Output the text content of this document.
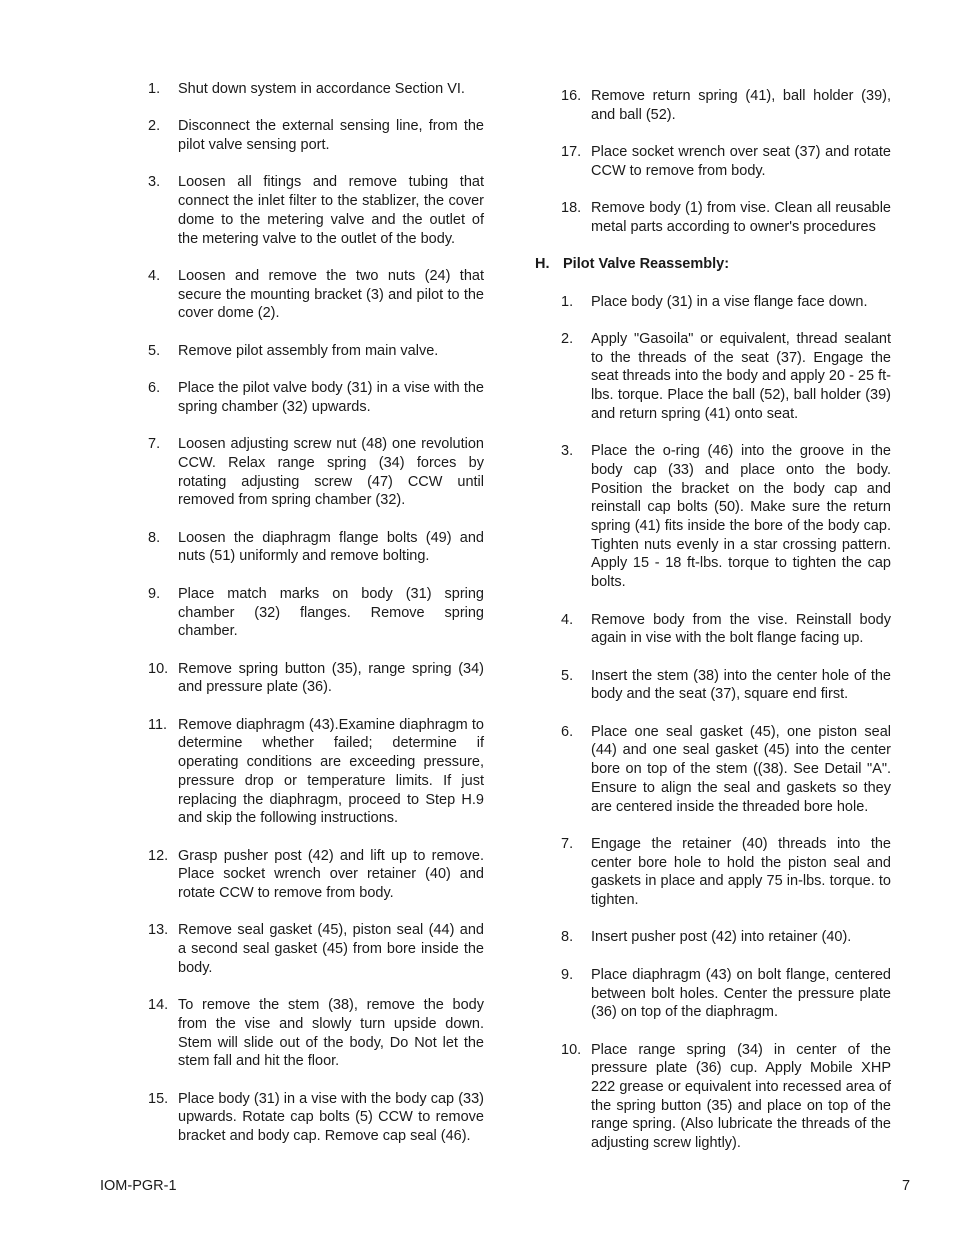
1.	Shut down system in accordance Section VI.
2.	Disconnect the external sensing line, from the pilot valve sensing port.
3.	Loosen all fitings and remove tubing that connect the inlet filter to the stablizer, the cover dome to the metering valve and the outlet of the metering valve to the outlet of the body.
4.	Loosen and remove the two nuts (24) that secure the mounting bracket (3) and pilot to the cover dome (2).
5.	Remove pilot assembly from main valve.
6.	Place the pilot valve body (31) in a vise with the spring chamber (32) upwards.
7.	Loosen adjusting screw nut (48) one revolution CCW. Relax range spring (34) forces by rotating adjusting screw (47) CCW until removed from spring chamber (32).
8.	Loosen the diaphragm flange bolts (49) and nuts (51) uniformly and remove bolting.
9.	Place match marks on body (31) spring chamber (32) flanges. Remove spring chamber.
10. Remove spring button (35), range spring (34) and pressure plate (36).
11. Remove diaphragm (43).Examine diaphragm to determine whether failed; determine if operating conditions are exceeding pressure, pressure drop or temperature limits. If just replacing the diaphragm, proceed to Step H.9 and skip the following instructions.
12. Grasp pusher post (42) and lift up to remove. Place socket wrench over retainer (40) and rotate CCW to remove from body.
13. Remove seal gasket (45), piston seal (44) and a second seal gasket (45) from bore inside the body.
14. To remove the stem (38), remove the body from the vise and slowly turn upside down. Stem will slide out of the body, Do Not let the stem fall and hit the floor.
15. Place body (31) in a vise with the body cap (33) upwards. Rotate cap bolts (5) CCW to remove bracket and body cap. Remove cap seal (46).
16. Remove return spring (41), ball holder (39), and ball (52).
17. Place socket wrench over seat (37) and rotate CCW to remove from body.
18. Remove body (1) from vise. Clean all reusable metal parts according to owner's procedures
H. Pilot Valve Reassembly:
1.	Place body (31) in a vise flange face down.
2.	Apply "Gasoila" or equivalent, thread sealant to the threads of the seat (37). Engage the seat threads into the body and apply 20 - 25 ft-lbs. torque. Place the ball (52), ball holder (39) and return spring (41) onto seat.
3.	Place the o-ring (46) into the groove in the body cap (33) and place onto the body. Position the bracket on the body cap and reinstall cap bolts (50). Make sure the return spring (41) fits inside the bore of the body cap. Tighten nuts evenly in a star crossing pattern. Apply 15 - 18 ft-lbs. torque to tighten the cap bolts.
4.	Remove body from the vise. Reinstall body again in vise with the bolt flange facing up.
5.	Insert the stem (38) into the center hole of the body and the seat (37), square end first.
6.	Place one seal gasket (45), one piston seal (44) and one seal gasket (45) into the center bore on top of the stem ((38). See Detail "A". Ensure to align the seal and gaskets so they are centered inside the threaded bore hole.
7.	Engage the retainer (40) threads into the center bore hole to hold the piston seal and gaskets in place and apply 75 in-lbs. torque. to tighten.
8.	Insert pusher post (42) into retainer (40).
9.	Place diaphragm (43) on bolt flange, centered between bolt holes. Center the pressure plate (36) on top of the diaphragm.
10. Place range spring (34) in center of the pressure plate (36) cup. Apply Mobile XHP 222 grease or equivalent into recessed area of the spring button (35) and place on top of the range spring. (Also lubricate the threads of the adjusting screw lightly).
IOM-PGR-1	7
